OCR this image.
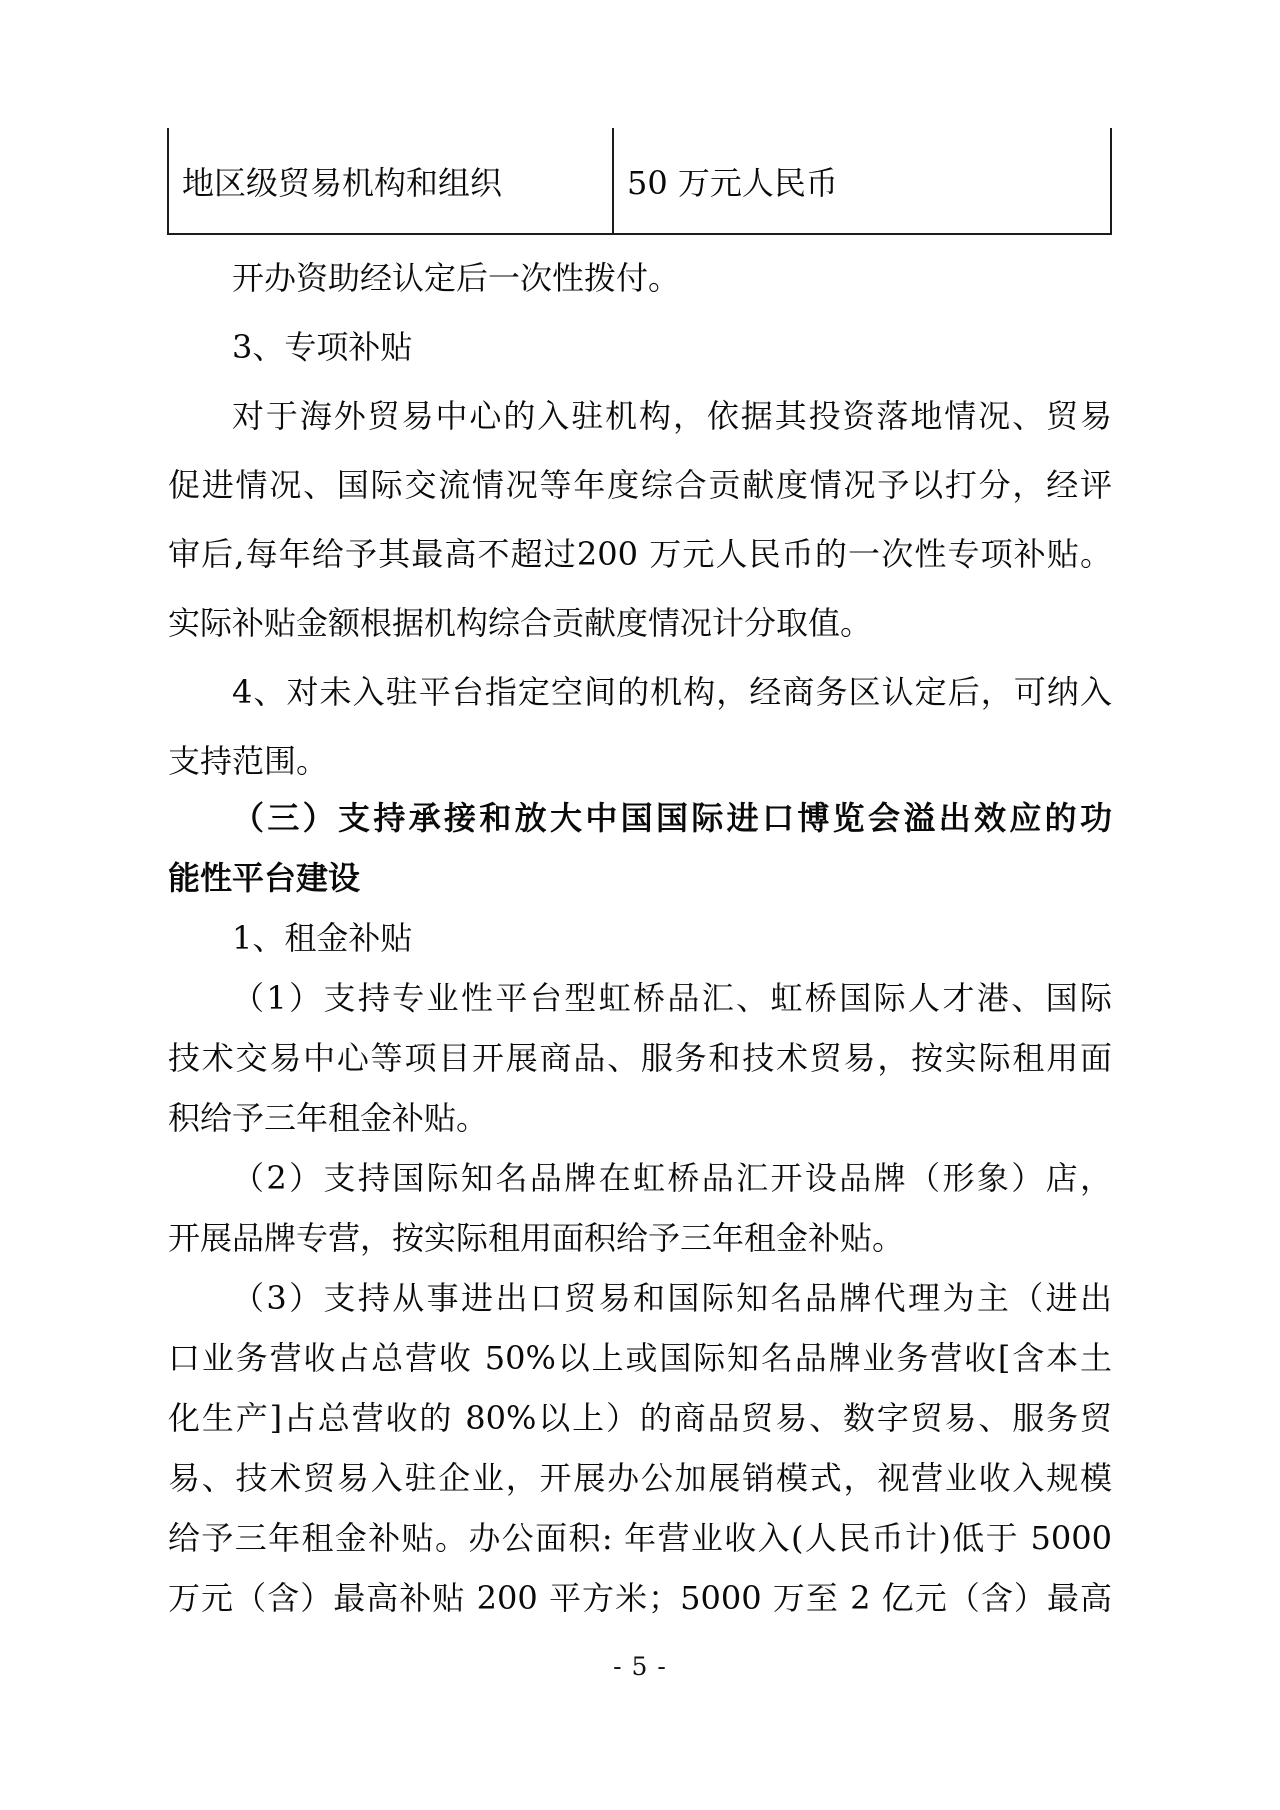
地区级贸易机构和组织	50 万元人民币
开办资助经认定后一次性拨付。
3、专项补贴
对于海外贸易中心的入驻机构，依据其投资落地情况、贸易
促进情况、国际交流情况等年度综合贡献度情况予以打分，经评
审后,每年给予其最高不超过200 万元人民币的一次性专项补贴。
实际补贴金额根据机构综合贡献度情况计分取值。
4、对未入驻平台指定空间的机构，经商务区认定后，可纳入
支持范围。
（三）支持承接和放大中国国际进口博览会溢出效应的功
能性平台建设
1、租金补贴
（1）支持专业性平台型虹桥品汇、虹桥国际人才港、国际
技术交易中心等项目开展商品、服务和技术贸易，按实际租用面
积给予三年租金补贴。
（2）支持国际知名品牌在虹桥品汇开设品牌（形象）店，
开展品牌专营，按实际租用面积给予三年租金补贴。
（3）支持从事进出口贸易和国际知名品牌代理为主（进出
口业务营收占总营收 50%以上或国际知名品牌业务营收[含本土
化生产]占总营收的 80%以上）的商品贸易、数字贸易、服务贸
易、技术贸易入驻企业，开展办公加展销模式，视营业收入规模
给予三年租金补贴。办公面积: 年营业收入(人民币计)低于 5000
万元（含）最高补贴 200 平方米；5000 万至 2 亿元（含）最高
- 5 -
